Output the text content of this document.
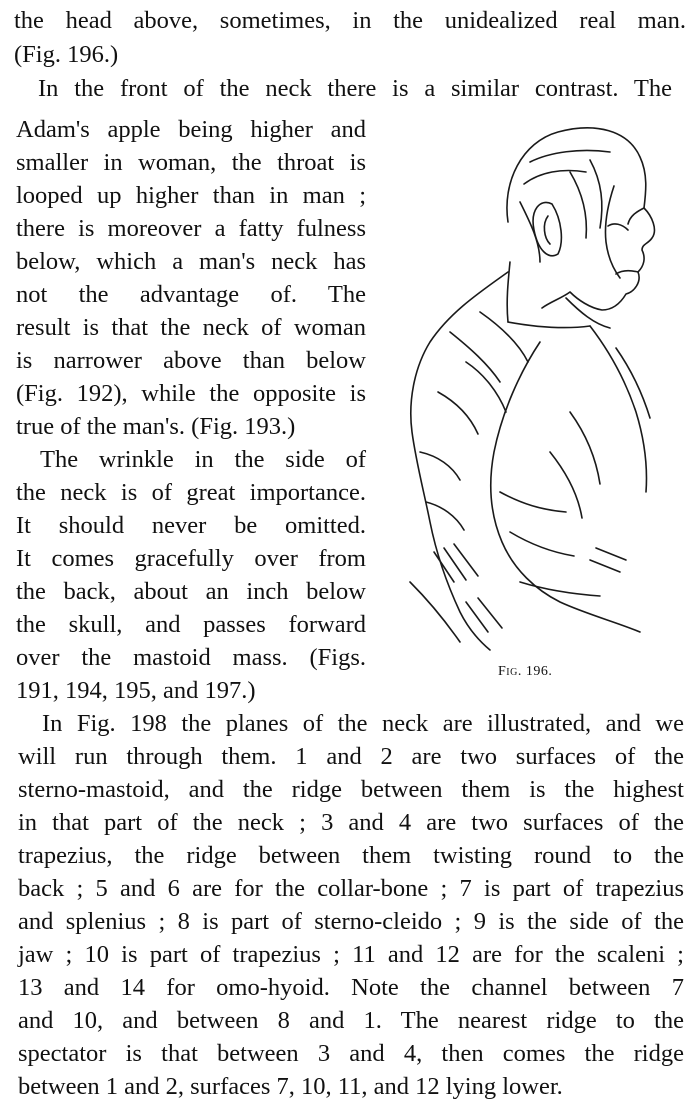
the head above, sometimes, in the unidealized real man.
(Fig. 196.)
In the front of the neck there is a similar contrast. The
Adam's apple being higher and
smaller in woman, the throat is
looped up higher than in man ;
there is moreover a fatty fulness
below, which a man's neck has
not the advantage of. The
result is that the neck of woman
is narrower above than below
(Fig. 192), while the opposite is
true of the man's. (Fig. 193.)
The wrinkle in the side of
the neck is of great importance.
It should never be omitted.
It comes gracefully over from
the back, about an inch below
the skull, and passes forward
over the mastoid mass. (Figs.
191, 194, 195, and 197.)
Fig. 196.
In Fig. 198 the planes of the neck are illustrated, and we
will run through them. 1 and 2 are two surfaces of the
sterno-mastoid, and the ridge between them is the highest
in that part of the neck ; 3 and 4 are two surfaces of the
trapezius, the ridge between them twisting round to the
back ; 5 and 6 are for the collar-bone ; 7 is part of trapezius
and splenius ; 8 is part of sterno-cleido ; 9 is the side of the
jaw ; 10 is part of trapezius ; 11 and 12 are for the scaleni ;
13 and 14 for omo-hyoid. Note the channel between 7
and 10, and between 8 and 1. The nearest ridge to the
spectator is that between 3 and 4, then comes the ridge
between 1 and 2, surfaces 7, 10, 11, and 12 lying lower.
